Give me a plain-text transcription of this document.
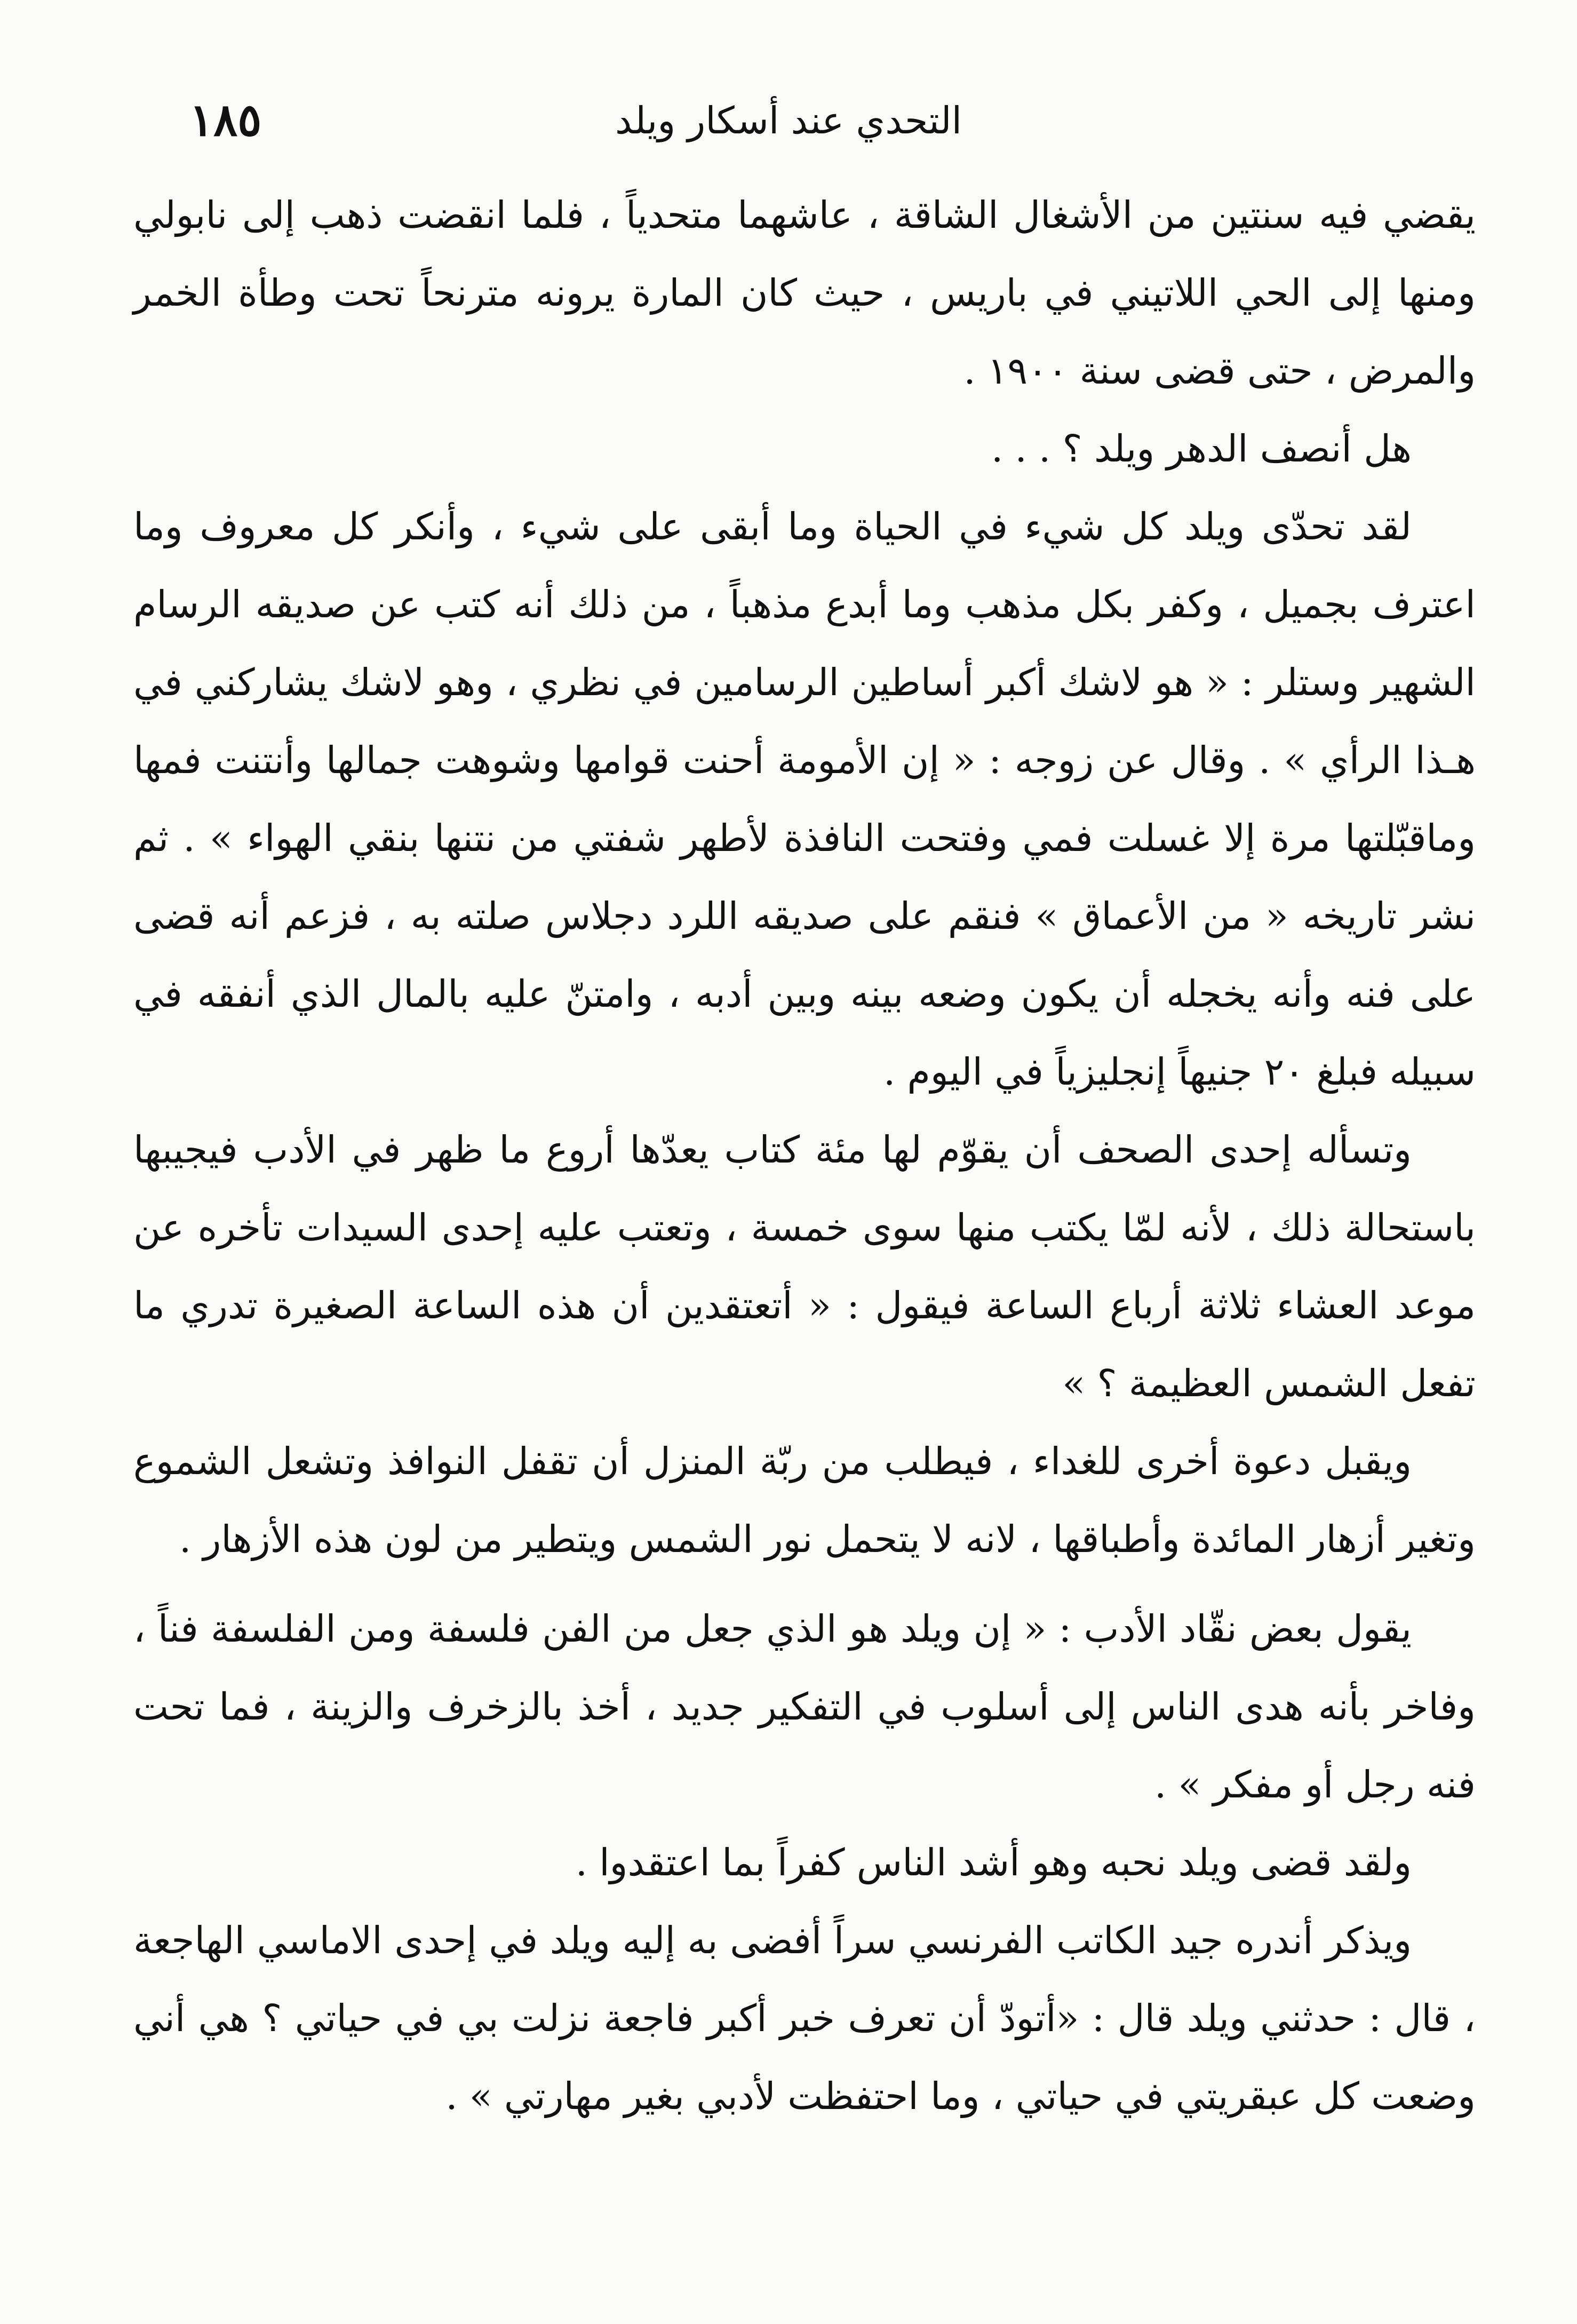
١٨٥	التحدي عند أسكار ويلد

يقضي فيه سنتين من الأشغال الشاقة ، عاشهما متحدياً ، فلما انقضت ذهب إلى نابولي ومنها إلى الحي اللاتيني في باريس ، حيث كان المارة يرونه مترنحاً تحت وطأة الخمر والمرض ، حتى قضى سنة ١٩٠٠ .

هل أنصف الدهر ويلد ؟ . . .

لقد تحدّى ويلد كل شيء في الحياة وما أبقى على شيء ، وأنكر كل معروف وما اعترف بجميل ، وكفر بكل مذهب وما أبدع مذهباً ، من ذلك أنه كتب عن صديقه الرسام الشهير وستلر : « هو لاشك أكبر أساطين الرسامين في نظري ، وهو لاشك يشاركني في هـذا الرأي » . وقال عن زوجه : « إن الأمومة أحنت قوامها وشوهت جمالها وأنتنت فمها وماقبّلتها مرة إلا غسلت فمي وفتحت النافذة لأطهر شفتي من نتنها بنقي الهواء » . ثم نشر تاريخه « من الأعماق » فنقم على صديقه اللرد دجلاس صلته به ، فزعم أنه قضى على فنه وأنه يخجله أن يكون وضعه بينه وبين أدبه ، وامتنّ عليه بالمال الذي أنفقه في سبيله فبلغ ٢٠ جنيهاً إنجليزياً في اليوم .

وتسأله إحدى الصحف أن يقوّم لها مئة كتاب يعدّها أروع ما ظهر في الأدب فيجيبها باستحالة ذلك ، لأنه لمّا يكتب منها سوى خمسة ، وتعتب عليه إحدى السيدات تأخره عن موعد العشاء ثلاثة أرباع الساعة فيقول : « أتعتقدين أن هذه الساعة الصغيرة تدري ما تفعل الشمس العظيمة ؟ »

ويقبل دعوة أخرى للغداء ، فيطلب من ربّة المنزل أن تقفل النوافذ وتشعل الشموع وتغير أزهار المائدة وأطباقها ، لانه لا يتحمل نور الشمس ويتطير من لون هذه الأزهار .

يقول بعض نقّاد الأدب : « إن ويلد هو الذي جعل من الفن فلسفة ومن الفلسفة فناً ، وفاخر بأنه هدى الناس إلى أسلوب في التفكير جديد ، أخذ بالزخرف والزينة ، فما تحت فنه رجل أو مفكر » .

ولقد قضى ويلد نحبه وهو أشد الناس كفراً بما اعتقدوا .

ويذكر أندره جيد الكاتب الفرنسي سراً أفضى به إليه ويلد في إحدى الاماسي الهاجعة ، قال : حدثني ويلد قال : «أتودّ أن تعرف خبر أكبر فاجعة نزلت بي في حياتي ؟ هي أني وضعت كل عبقريتي في حياتي ، وما احتفظت لأدبي بغير مهارتي » .
